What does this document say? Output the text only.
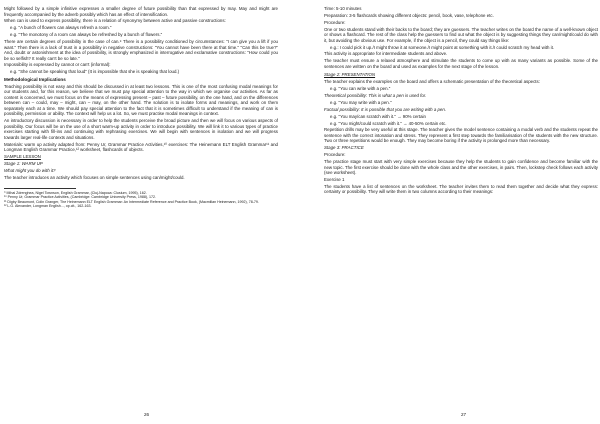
Might followed by a simple infinitive expresses a smaller degree of future possibility than that expressed by may. May and might are frequently accompanied by the adverb possibly which has an effect of intensification.

When can is used to express possibility, there is a relation of synonymy between active and passive constructions:

e.g. "A bunch of flowers can always refresh a room."

e.g. "The monotony of a room can always be refreshed by a bunch of flowers."

There are certain degrees of possibility in the case of can.⁹ There is a possibility conditioned by circumstances: "I can give you a lift if you want." Then there is a lack of trust in a possibility in negative constructions: "You cannot have been there at that time." "Can this be true?" And, doubt or astonishment at the idea of possibility, is strongly emphasized in interrogative and exclamative constructions: "How could you be so selfish? It really can't be so late."

Impossibility is expressed by cannot or can't (informal):

e.g. "She cannot be speaking that loud" (It is impossible that she is speaking that loud.)

Methodological Implications

Teaching possibility is not easy and this should be discussed in at least two lessons. This is one of the most confusing modal meanings for our students and, for this reason, we believe that we must pay special attention to the way in which we organise our activities. As far as content is concerned, we must focus on the means of expressing present – past – future possibility, on the one hand, and on the differences between can – could, may – might, can – may, on the other hand. The solution is to isolate forms and meanings, and work on them separately each at a time. We should pay special attention to the fact that it is sometimes difficult to understand if the meaning of can is possibility, permission or ability. The context will help us a lot. So, we must practise modal meanings in context.

An introductory discussion is necessary in order to help the students perceive the broad picture and then we will focus on various aspects of possibility. Our focus will be on the use of a short warm-up activity in order to introduce possibility. We will link it to various types of practice exercises starting with fill-ins and continuing with rephrasing exercises. We will begin with sentences in isolation and we will progress towards larger real-life contexts and situations.

Materials: warm up activity adapted from: Penny Ur, Grammar Practice Activities,¹⁰ exercises: The Heinemann ELT English Grammar¹¹ and Longman English Grammar Practice,¹² worksheet, flashcards of objects.

SAMPLE LESSON

Stage 1: WARM UP

What might you do with it?

The teacher introduces an activity which focuses on simple sentences using can/might/could.

⁹ Mihai Zdrenghea, Nigel Townson, English Grammar, (Cluj-Napoca: Clusium, 1995), 162.

¹⁰ Penny Ur, Grammar Practice Activities, (Cambridge: Cambridge University Press, 1988), 172.

¹¹ Digby Beaumont, Colin Granger, The Heinemann ELT English Grammar: An Intermediate Reference and Practice Book, (Macmillan Heinemann, 1992), 78-79.

¹² L.G. Alexander, Longman English..., op.cit., 162-163.

26

Time: 5-10 minutes

Preparation: 3-5 flashcards showing different objects: pencil, book, vase, telephone etc.

Procedure:

One or two students stand with their backs to the board; they are guessers. The teacher writes on the board the name of a well-known object or shows a flashcard. The rest of the class help the guessers to find out what the object is by suggesting things they can/might/could do with it, but avoiding the obvious use. For example, if the object is a pencil, they could say things like:

e.g.: I could pick it up./I might throw it at someone./I might point at something with it./I could scratch my head with it.

This activity is appropriate for intermediate students and above.

The teacher must ensure a relaxed atmosphere and stimulate the students to come up with as many variants as possible. Some of the sentences are written on the board and used as examples for the next stage of the lesson.

Stage 2: PRESENTATION

The teacher explains the examples on the board and offers a schematic presentation of the theoretical aspects:

e.g. "You can write with a pen."

Theoretical possibility: This is what a pen is used for.

e.g. "You may write with a pen."

Factual possibility: It is possible that you are writing with a pen.

e.g. "You may/can scratch with it." → 90% certain

e.g. "You might/could scratch with it." → 40-50% certain etc.

Repetition drills may be very useful at this stage. The teacher gives the model sentence containing a modal verb and the students repeat the sentence with the correct intonation and stress. They represent a first step towards the familiarisation of the students with the new structure. Two or three repetitions would be enough. They may become boring if the activity is prolonged more than necessary.

Stage 3: PRACTICE

Procedure:

The practice stage must start with very simple exercises because they help the students to gain confidence and become familiar with the new topic. The first exercise should be done with the whole class and the other exercises, in pairs. Then, lockstep check follows each activity (see worksheet).

Exercise 1

The students have a list of sentences on the worksheet. The teacher invites them to read them together and decide what they express: certainty or possibility. They will write them in two columns according to their meanings:

27
